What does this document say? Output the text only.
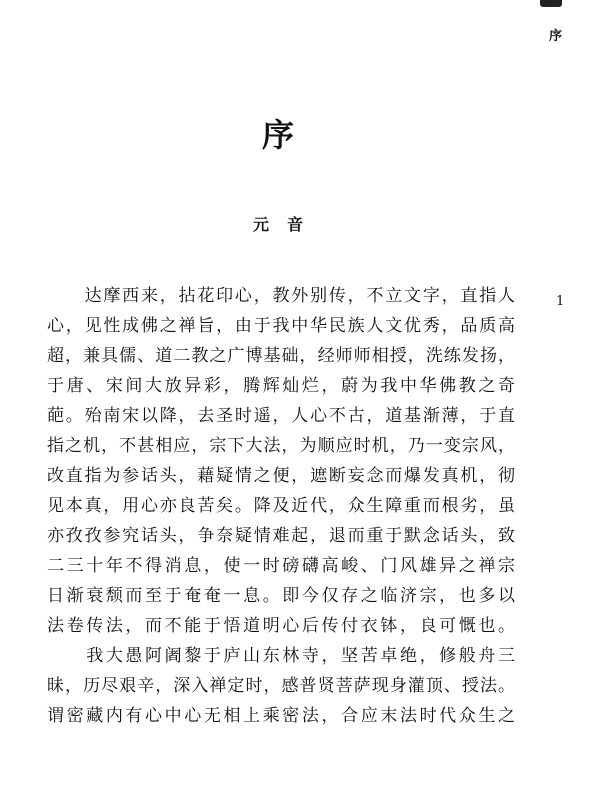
序
1
序
元音
　　达摩西来，拈花印心，教外别传，不立文字，直指人
心，见性成佛之禅旨，由于我中华民族人文优秀，品质高
超，兼具儒、道二教之广博基础，经师师相授，洗练发扬，
于唐、宋间大放异彩，腾辉灿烂，蔚为我中华佛教之奇
葩。殆南宋以降，去圣时遥，人心不古，道基渐薄，于直
指之机，不甚相应，宗下大法，为顺应时机，乃一变宗风，
改直指为参话头，藉疑情之便，遮断妄念而爆发真机，彻
见本真，用心亦良苦矣。降及近代，众生障重而根劣，虽
亦孜孜参究话头，争奈疑情难起，退而重于默念话头，致
二三十年不得消息，使一时磅礴高峻、门风雄异之禅宗
日渐衰颓而至于奄奄一息。即今仅存之临济宗，也多以
法卷传法，而不能于悟道明心后传付衣钵，良可慨也。
　　我大愚阿阇黎于庐山东林寺，坚苦卓绝，修般舟三
昧，历尽艰辛，深入禅定时，感普贤菩萨现身灌顶、授法。
谓密藏内有心中心无相上乘密法，合应末法时代众生之
